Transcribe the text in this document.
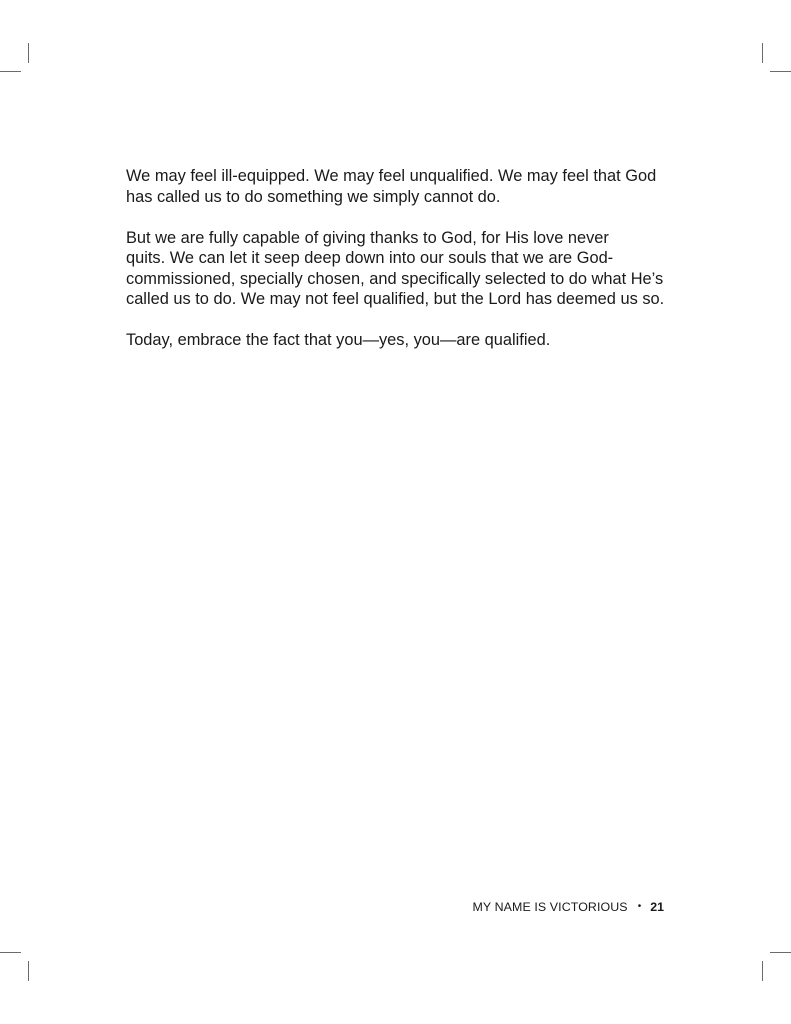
We may feel ill-equipped. We may feel unqualified. We may feel that God
has called us to do something we simply cannot do.

But we are fully capable of giving thanks to God, for His love never
quits. We can let it seep deep down into our souls that we are God-
commissioned, specially chosen, and specifically selected to do what He’s
called us to do. We may not feel qualified, but the Lord has deemed us so.

Today, embrace the fact that you—yes, you—are qualified.

MY NAME IS VICTORIOUS • 21
